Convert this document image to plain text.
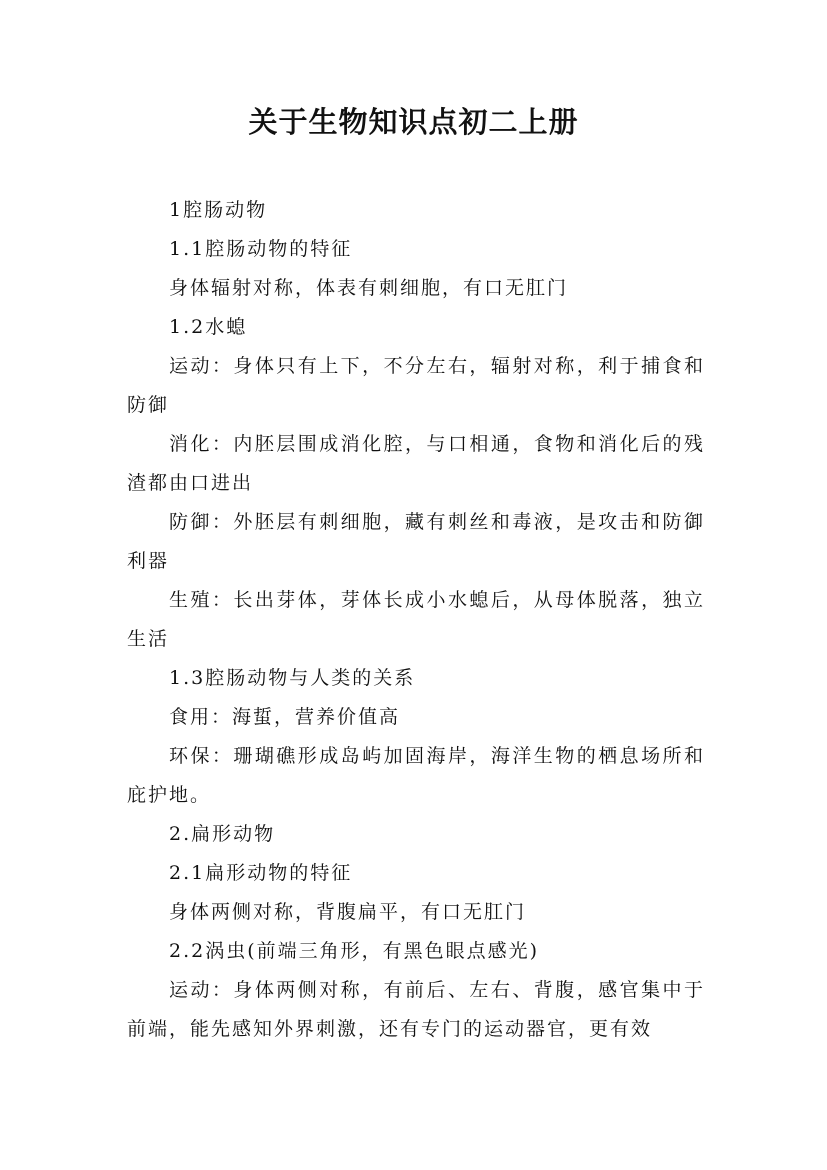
关于生物知识点初二上册

1腔肠动物

1.1腔肠动物的特征

身体辐射对称，体表有刺细胞，有口无肛门

1.2水螅

运动：身体只有上下，不分左右，辐射对称，利于捕食和防御

消化：内胚层围成消化腔，与口相通，食物和消化后的残渣都由口进出

防御：外胚层有刺细胞，藏有刺丝和毒液，是攻击和防御利器

生殖：长出芽体，芽体长成小水螅后，从母体脱落，独立生活

1.3腔肠动物与人类的关系

食用：海蜇，营养价值高

环保：珊瑚礁形成岛屿加固海岸，海洋生物的栖息场所和庇护地。

2.扁形动物

2.1扁形动物的特征

身体两侧对称，背腹扁平，有口无肛门

2.2涡虫(前端三角形，有黑色眼点感光)

运动：身体两侧对称，有前后、左右、背腹，感官集中于前端，能先感知外界刺激，还有专门的运动器官，更有效
